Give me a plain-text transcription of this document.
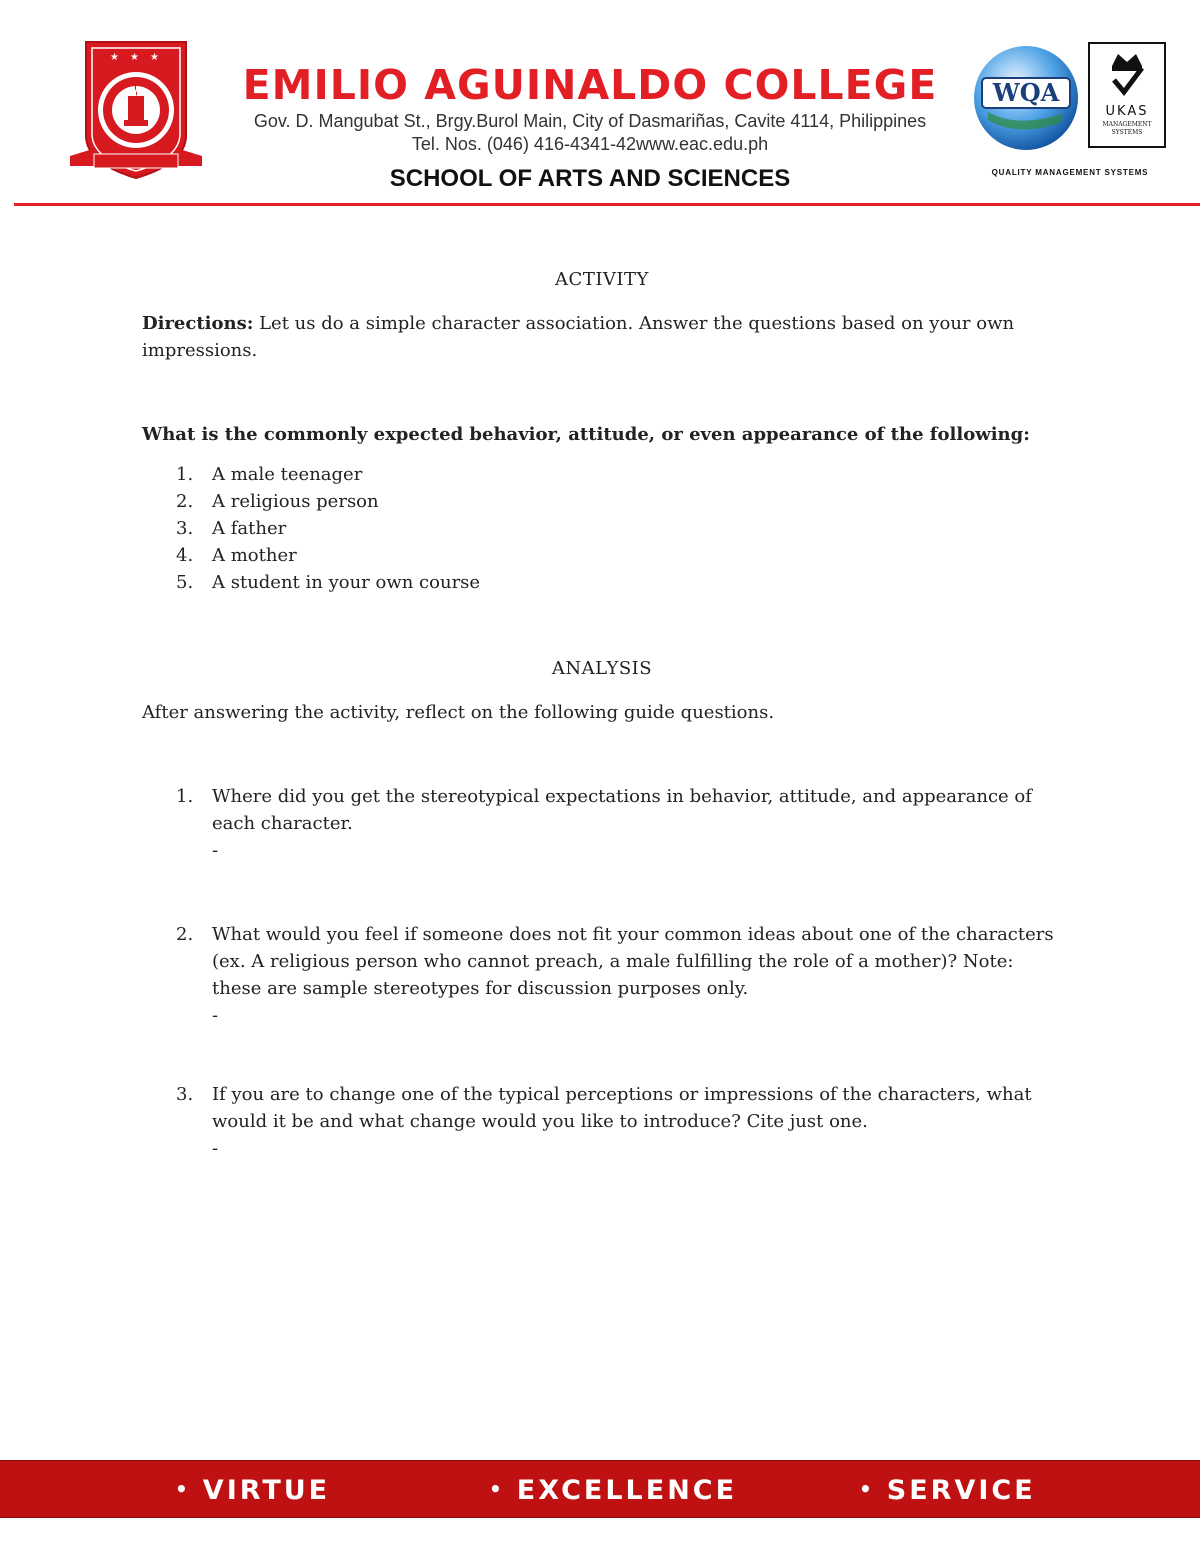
★ ★ ★

EMILIO AGUINALDO COLLEGE

Gov. D. Mangubat St., Brgy.Burol Main, City of Dasmariñas, Cavite 4114, Philippines

Tel. Nos. (046) 416-4341-42www.eac.edu.ph

SCHOOL OF ARTS AND SCIENCES
WQA
UKAS
MANAGEMENT SYSTEMS
QUALITY MANAGEMENT SYSTEMS

ACTIVITY

Directions: Let us do a simple character association. Answer the questions based on your own impressions.

What is the commonly expected behavior, attitude, or even appearance of the following:

1.	A male teenager
2.	A religious person
3.	A father
4.	A mother
5.	A student in your own course

ANALYSIS

After answering the activity, reflect on the following guide questions.

1.	Where did you get the stereotypical expectations in behavior, attitude, and appearance of each character.
-
2.	What would you feel if someone does not fit your common ideas about one of the characters (ex. A religious person who cannot preach, a male fulfilling the role of a mother)? Note: these are sample stereotypes for discussion purposes only.
-
3.	If you are to change one of the typical perceptions or impressions of the characters, what would it be and what change would you like to introduce? Cite just one.
-
• VIRTUE	• EXCELLENCE	• SERVICE
